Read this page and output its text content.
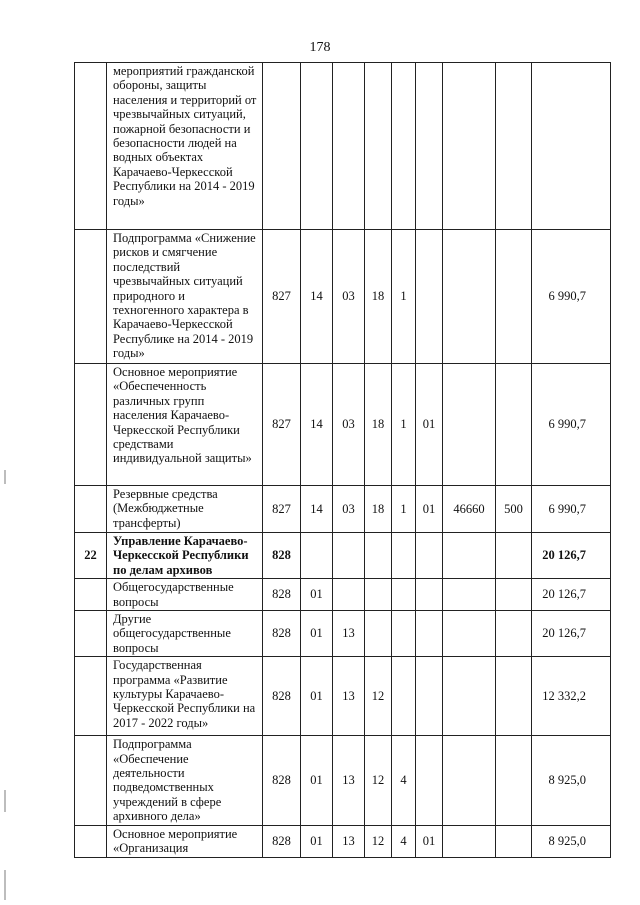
178
	мероприятий гражданской обороны, защиты населения и территорий от чрезвычайных ситуаций, пожарной безопасности и безопасности людей на водных объектах Карачаево-Черкесской Республики на 2014 - 2019 годы»									
	Подпрограмма «Снижение рисков и смягчение последствий чрезвычайных ситуаций природного и техногенного характера в Карачаево-Черкесской Республике на 2014 - 2019 годы»	827	14	03	18	1				6 990,7
	Основное мероприятие «Обеспеченность различных групп населения Карачаево-Черкесской Республики средствами индивидуальной защиты»	827	14	03	18	1	01			6 990,7
	Резервные средства (Межбюджетные трансферты)	827	14	03	18	1	01	46660	500	6 990,7
22	Управление Карачаево-Черкесской Республики по делам архивов	828								20 126,7
	Общегосударственные вопросы	828	01							20 126,7
	Другие общегосударственные вопросы	828	01	13						20 126,7
	Государственная программа «Развитие культуры Карачаево-Черкесской Республики на 2017 - 2022 годы»	828	01	13	12					12 332,2
	Подпрограмма «Обеспечение деятельности подведомственных учреждений в сфере архивного дела»	828	01	13	12	4				8 925,0
	Основное мероприятие «Организация	828	01	13	12	4	01			8 925,0
